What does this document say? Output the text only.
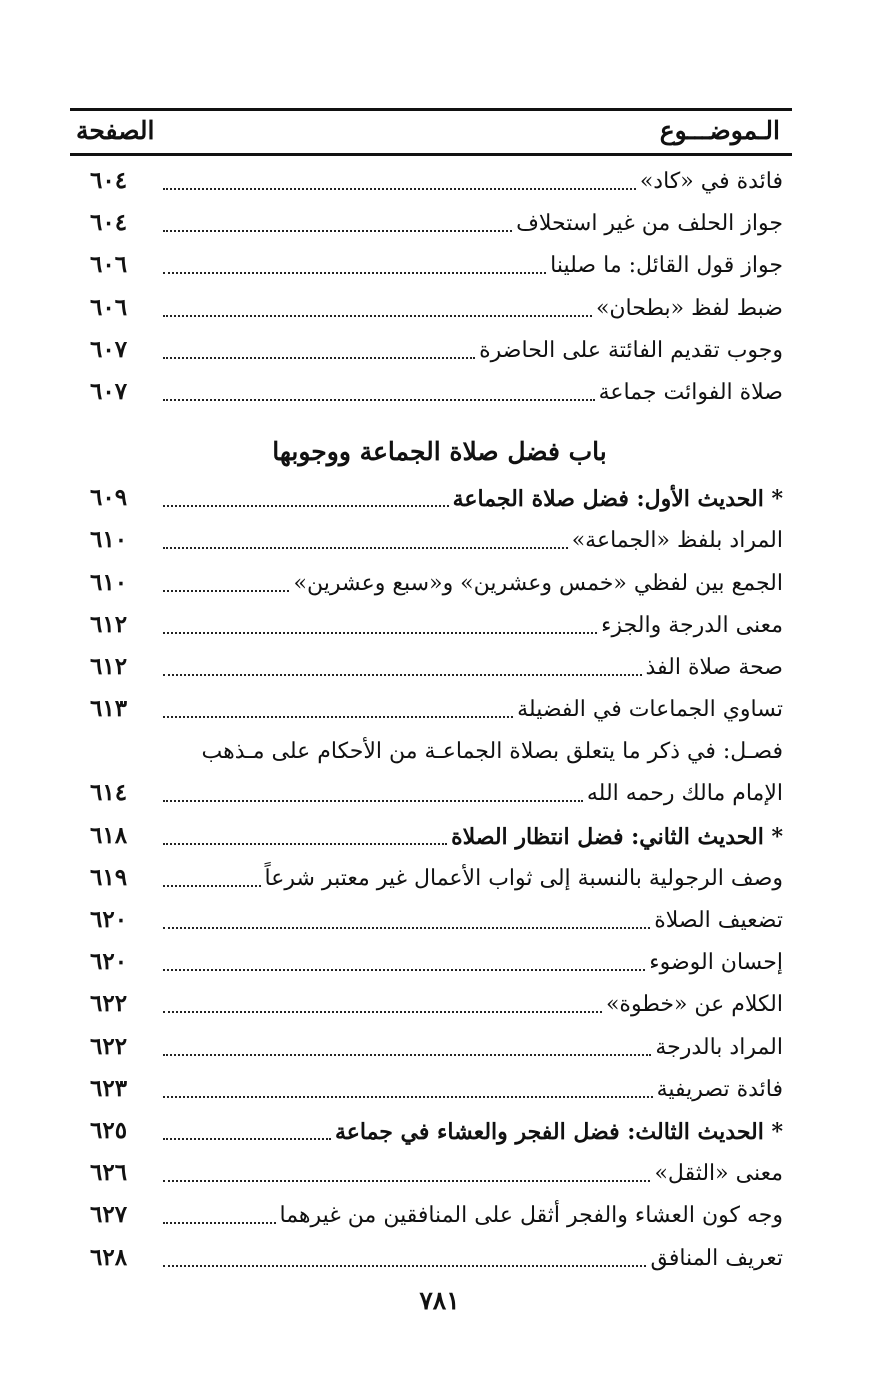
الـموضـــوع
الصفحة
فائدة في «كاد»
٦٠٤
جواز الحلف من غير استحلاف
٦٠٤
جواز قول القائل: ما صلينا
٦٠٦
ضبط لفظ «بطحان»
٦٠٦
وجوب تقديم الفائتة على الحاضرة
٦٠٧
صلاة الفوائت جماعة
٦٠٧
باب فضل صلاة الجماعة ووجوبها
* الحديث الأول: فضل صلاة الجماعة
٦٠٩
المراد بلفظ «الجماعة»
٦١٠
الجمع بين لفظي «خمس وعشرين» و«سبع وعشرين»
٦١٠
معنى الدرجة والجزء
٦١٢
صحة صلاة الفذ
٦١٢
تساوي الجماعات في الفضيلة
٦١٣
فصـل: في ذكر ما يتعلق بصلاة الجماعـة من الأحكام على مـذهب
الإمام مالك رحمه الله
٦١٤
* الحديث الثاني: فضل انتظار الصلاة
٦١٨
وصف الرجولية بالنسبة إلى ثواب الأعمال غير معتبر شرعاً
٦١٩
تضعيف الصلاة
٦٢٠
إحسان الوضوء
٦٢٠
الكلام عن «خطوة»
٦٢٢
المراد بالدرجة
٦٢٢
فائدة تصريفية
٦٢٣
* الحديث الثالث: فضل الفجر والعشاء في جماعة
٦٢٥
معنى «الثقل»
٦٢٦
وجه كون العشاء والفجر أثقل على المنافقين من غيرهما
٦٢٧
تعريف المنافق
٦٢٨
٧٨١
